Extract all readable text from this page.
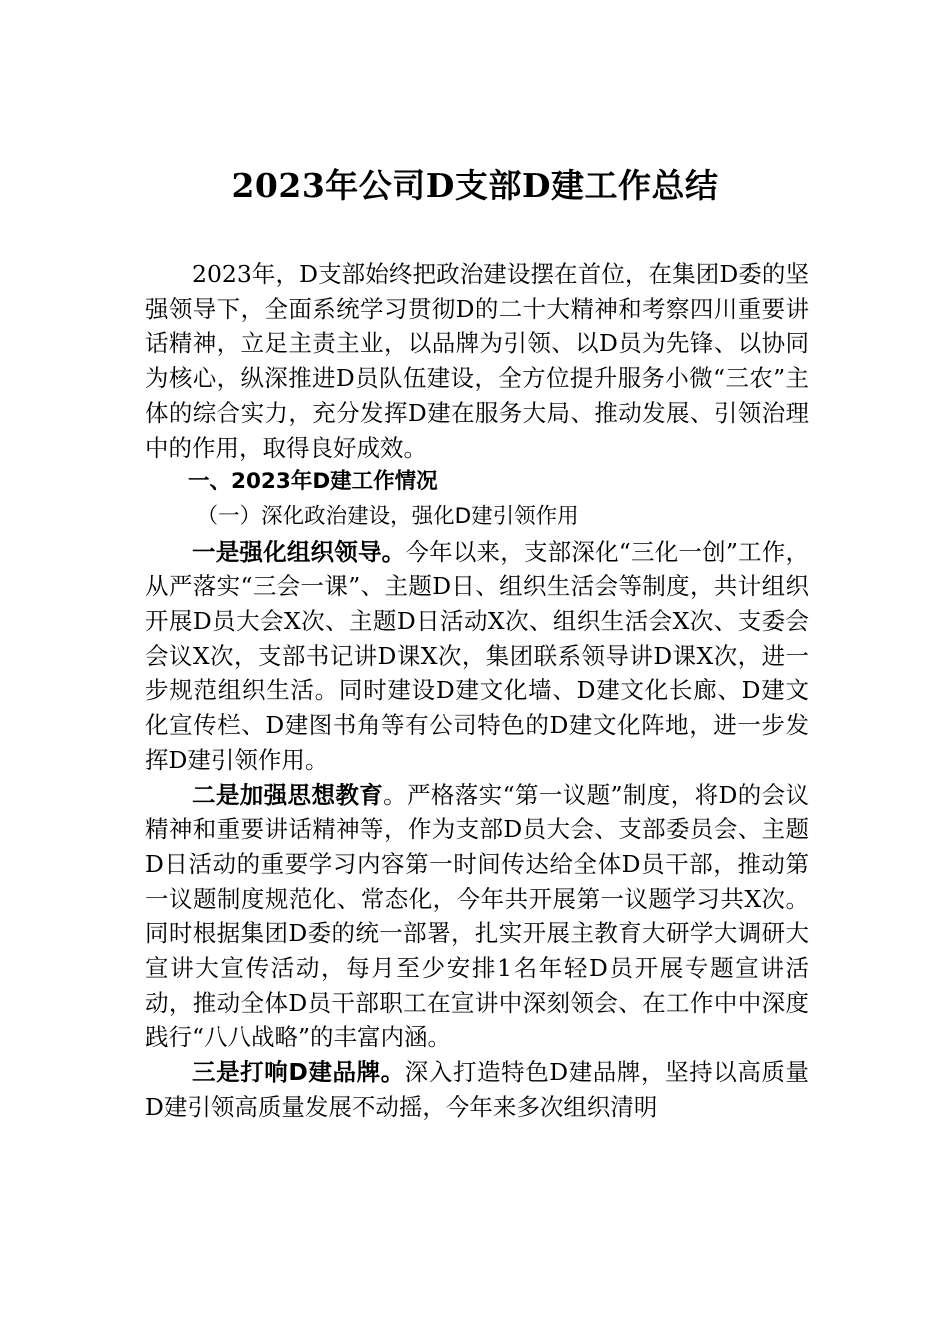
2023年公司D支部D建工作总结

2023年，D支部始终把政治建设摆在首位，在集团D委的坚强领导下，全面系统学习贯彻D的二十大精神和考察四川重要讲话精神，立足主责主业，以品牌为引领、以D员为先锋、以协同为核心，纵深推进D员队伍建设，全方位提升服务小微“三农”主体的综合实力，充分发挥D建在服务大局、推动发展、引领治理中的作用，取得良好成效。

一、2023年D建工作情况

（一）深化政治建设，强化D建引领作用

一是强化组织领导。今年以来，支部深化“三化一创”工作，从严落实“三会一课”、主题D日、组织生活会等制度，共计组织开展D员大会X次、主题D日活动X次、组织生活会X次、支委会会议X次，支部书记讲D课X次，集团联系领导讲D课X次，进一步规范组织生活。同时建设D建文化墙、D建文化长廊、D建文化宣传栏、D建图书角等有公司特色的D建文化阵地，进一步发挥D建引领作用。

二是加强思想教育。严格落实“第一议题”制度，将D的会议精神和重要讲话精神等，作为支部D员大会、支部委员会、主题D日活动的重要学习内容第一时间传达给全体D员干部，推动第一议题制度规范化、常态化，今年共开展第一议题学习共X次。同时根据集团D委的统一部署，扎实开展主教育大研学大调研大宣讲大宣传活动，每月至少安排1名年轻D员开展专题宣讲活动，推动全体D员干部职工在宣讲中深刻领会、在工作中中深度践行“八八战略”的丰富内涵。

三是打响D建品牌。深入打造特色D建品牌，坚持以高质量D建引领高质量发展不动摇，今年来多次组织清明
